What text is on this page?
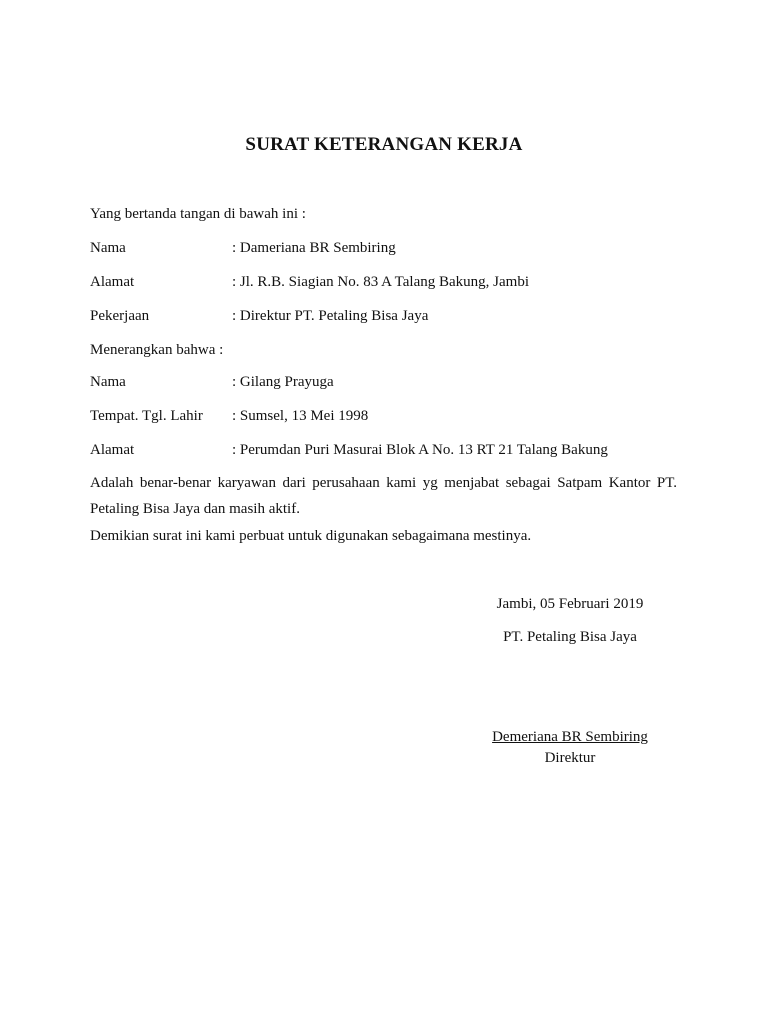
SURAT KETERANGAN KERJA
Yang bertanda tangan di bawah ini :
Nama	: Dameriana BR Sembiring
Alamat	: Jl. R.B. Siagian No. 83 A Talang Bakung, Jambi
Pekerjaan	: Direktur PT. Petaling Bisa Jaya
Menerangkan bahwa :
Nama	: Gilang Prayuga
Tempat. Tgl. Lahir : Sumsel, 13 Mei 1998
Alamat	: Perumdan Puri Masurai Blok A No. 13 RT 21 Talang Bakung
Adalah benar-benar karyawan dari perusahaan kami yg menjabat sebagai Satpam Kantor PT.
Petaling Bisa Jaya dan masih aktif.
Demikian surat ini kami perbuat untuk digunakan sebagaimana mestinya.
Jambi, 05 Februari 2019
PT. Petaling Bisa Jaya
Demeriana BR Sembiring
Direktur
